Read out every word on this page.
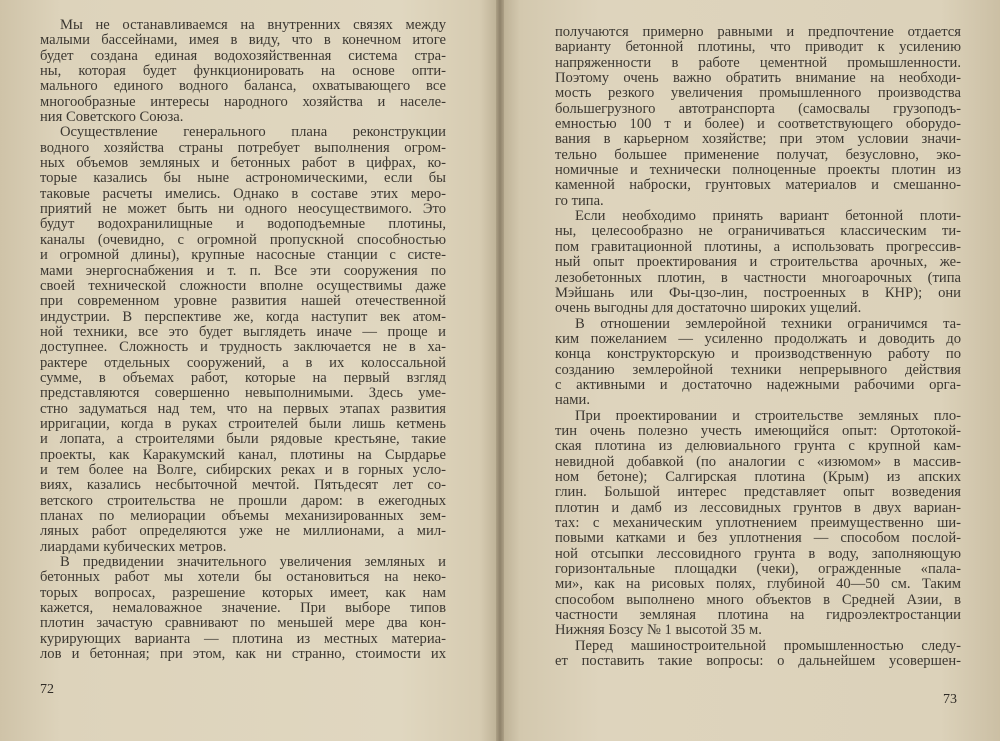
Мы не останавливаемся на внутренних связях между
малыми бассейнами, имея в виду, что в конечном итоге
будет создана единая водохозяйственная система стра-
ны, которая будет функционировать на основе опти-
мального единого водного баланса, охватывающего все
многообразные интересы народного хозяйства и населе-
ния Советского Союза.
Осуществление генерального плана реконструкции
водного хозяйства страны потребует выполнения огром-
ных объемов земляных и бетонных работ в цифрах, ко-
торые казались бы ныне астрономическими, если бы
таковые расчеты имелись. Однако в составе этих меро-
приятий не может быть ни одного неосуществимого. Это
будут водохранилищные и водоподъемные плотины,
каналы (очевидно, с огромной пропускной способностью
и огромной длины), крупные насосные станции с систе-
мами энергоснабжения и т. п. Все эти сооружения по
своей технической сложности вполне осуществимы даже
при современном уровне развития нашей отечественной
индустрии. В перспективе же, когда наступит век атом-
ной техники, все это будет выглядеть иначе — проще и
доступнее. Сложность и трудность заключается не в ха-
рактере отдельных сооружений, а в их колоссальной
сумме, в объемах работ, которые на первый взгляд
представляются совершенно невыполнимыми. Здесь уме-
стно задуматься над тем, что на первых этапах развития
ирригации, когда в руках строителей были лишь кетмень
и лопата, а строителями были рядовые крестьяне, такие
проекты, как Каракумский канал, плотины на Сырдарье
и тем более на Волге, сибирских реках и в горных усло-
виях, казались несбыточной мечтой. Пятьдесят лет со-
ветского строительства не прошли даром: в ежегодных
планах по мелиорации объемы механизированных зем-
ляных работ определяются уже не миллионами, а мил-
лиардами кубических метров.
В предвидении значительного увеличения земляных и
бетонных работ мы хотели бы остановиться на неко-
торых вопросах, разрешение которых имеет, как нам
кажется, немаловажное значение. При выборе типов
плотин зачастую сравнивают по меньшей мере два кон-
курирующих варианта — плотина из местных материа-
лов и бетонная; при этом, как ни странно, стоимости их
72
получаются примерно равными и предпочтение отдается
варианту бетонной плотины, что приводит к усилению
напряженности в работе цементной промышленности.
Поэтому очень важно обратить внимание на необходи-
мость резкого увеличения промышленного производства
большегрузного автотранспорта (самосвалы грузоподъ-
емностью 100 т и более) и соответствующего оборудо-
вания в карьерном хозяйстве; при этом условии значи-
тельно большее применение получат, безусловно, эко-
номичные и технически полноценные проекты плотин из
каменной наброски, грунтовых материалов и смешанно-
го типа.
Если необходимо принять вариант бетонной плоти-
ны, целесообразно не ограничиваться классическим ти-
пом гравитационной плотины, а использовать прогрессив-
ный опыт проектирования и строительства арочных, же-
лезобетонных плотин, в частности многоарочных (типа
Мэйшань или Фы-цзо-лин, построенных в КНР); они
очень выгодны для достаточно широких ущелий.
В отношении землеройной техники ограничимся та-
ким пожеланием — усиленно продолжать и доводить до
конца конструкторскую и производственную работу по
созданию землеройной техники непрерывного действия
с активными и достаточно надежными рабочими орга-
нами.
При проектировании и строительстве земляных пло-
тин очень полезно учесть имеющийся опыт: Ортотокой-
ская плотина из делювиального грунта с крупной кам-
невидной добавкой (по аналогии с «изюмом» в массив-
ном бетоне); Салгирская плотина (Крым) из апских
глин. Большой интерес представляет опыт возведения
плотин и дамб из лессовидных грунтов в двух вариан-
тах: с механическим уплотнением преимущественно ши-
повыми катками и без уплотнения — способом послой-
ной отсыпки лессовидного грунта в воду, заполняющую
горизонтальные площадки (чеки), огражденные «пала-
ми», как на рисовых полях, глубиной 40—50 см. Таким
способом выполнено много объектов в Средней Азии, в
частности земляная плотина на гидроэлектростанции
Нижняя Бозсу № 1 высотой 35 м.
Перед машиностроительной промышленностью следу-
ет поставить такие вопросы: о дальнейшем усовершен-
73
